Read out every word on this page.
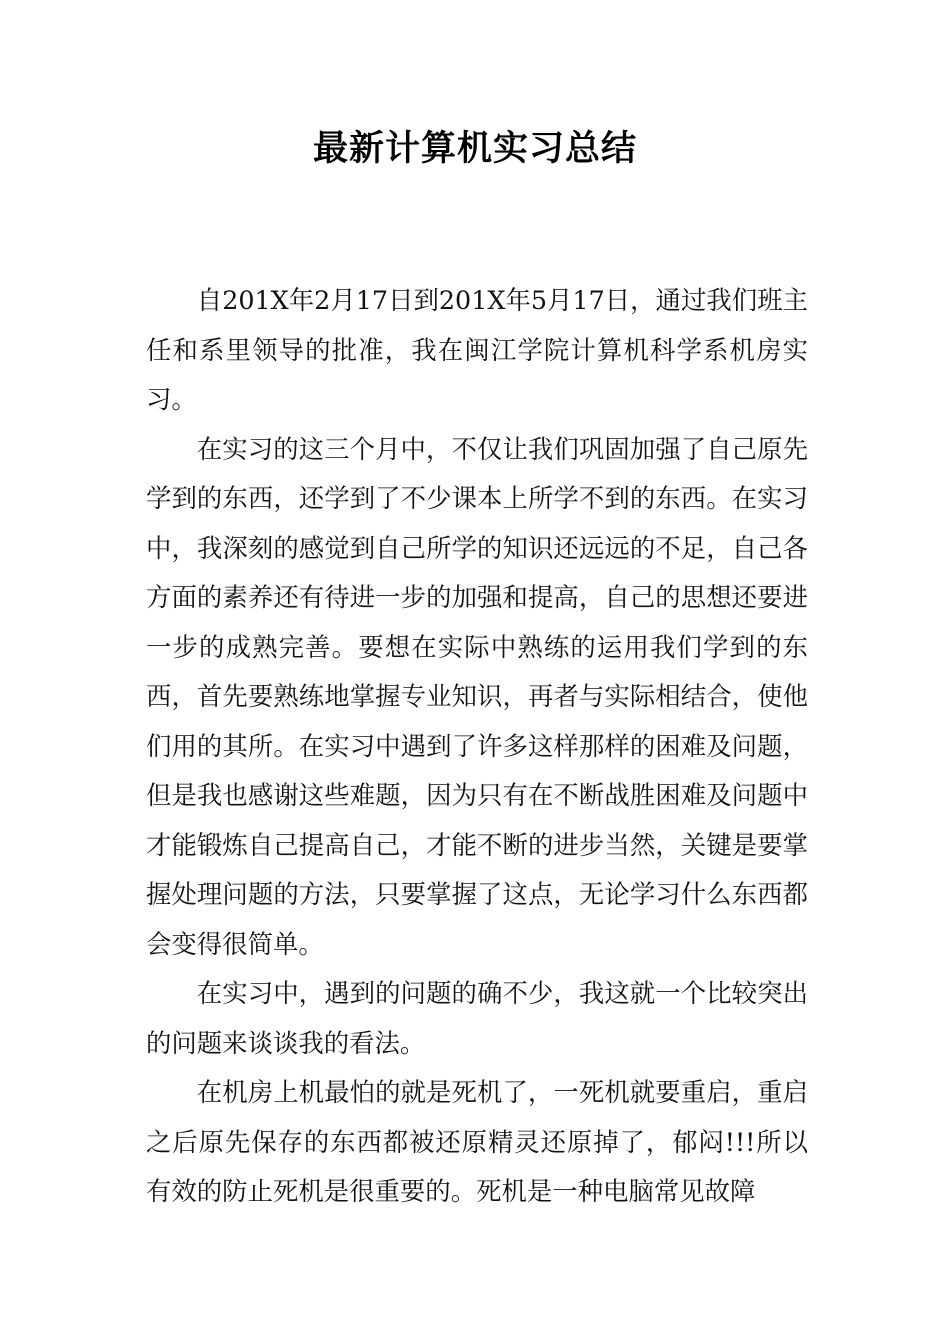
最新计算机实习总结

自201X年2月17日到201X年5月17日，通过我们班主任和系里领导的批准，我在闽江学院计算机科学系机房实习。

在实习的这三个月中，不仅让我们巩固加强了自己原先学到的东西，还学到了不少课本上所学不到的东西。在实习中，我深刻的感觉到自己所学的知识还远远的不足，自己各方面的素养还有待进一步的加强和提高，自己的思想还要进一步的成熟完善。要想在实际中熟练的运用我们学到的东西，首先要熟练地掌握专业知识，再者与实际相结合，使他们用的其所。在实习中遇到了许多这样那样的困难及问题，但是我也感谢这些难题，因为只有在不断战胜困难及问题中才能锻炼自己提高自己，才能不断的进步当然，关键是要掌握处理问题的方法，只要掌握了这点，无论学习什么东西都会变得很简单。

在实习中，遇到的问题的确不少，我这就一个比较突出的问题来谈谈我的看法。

在机房上机最怕的就是死机了，一死机就要重启，重启之后原先保存的东西都被还原精灵还原掉了，郁闷!!!所以有效的防止死机是很重要的。死机是一种电脑常见故障
